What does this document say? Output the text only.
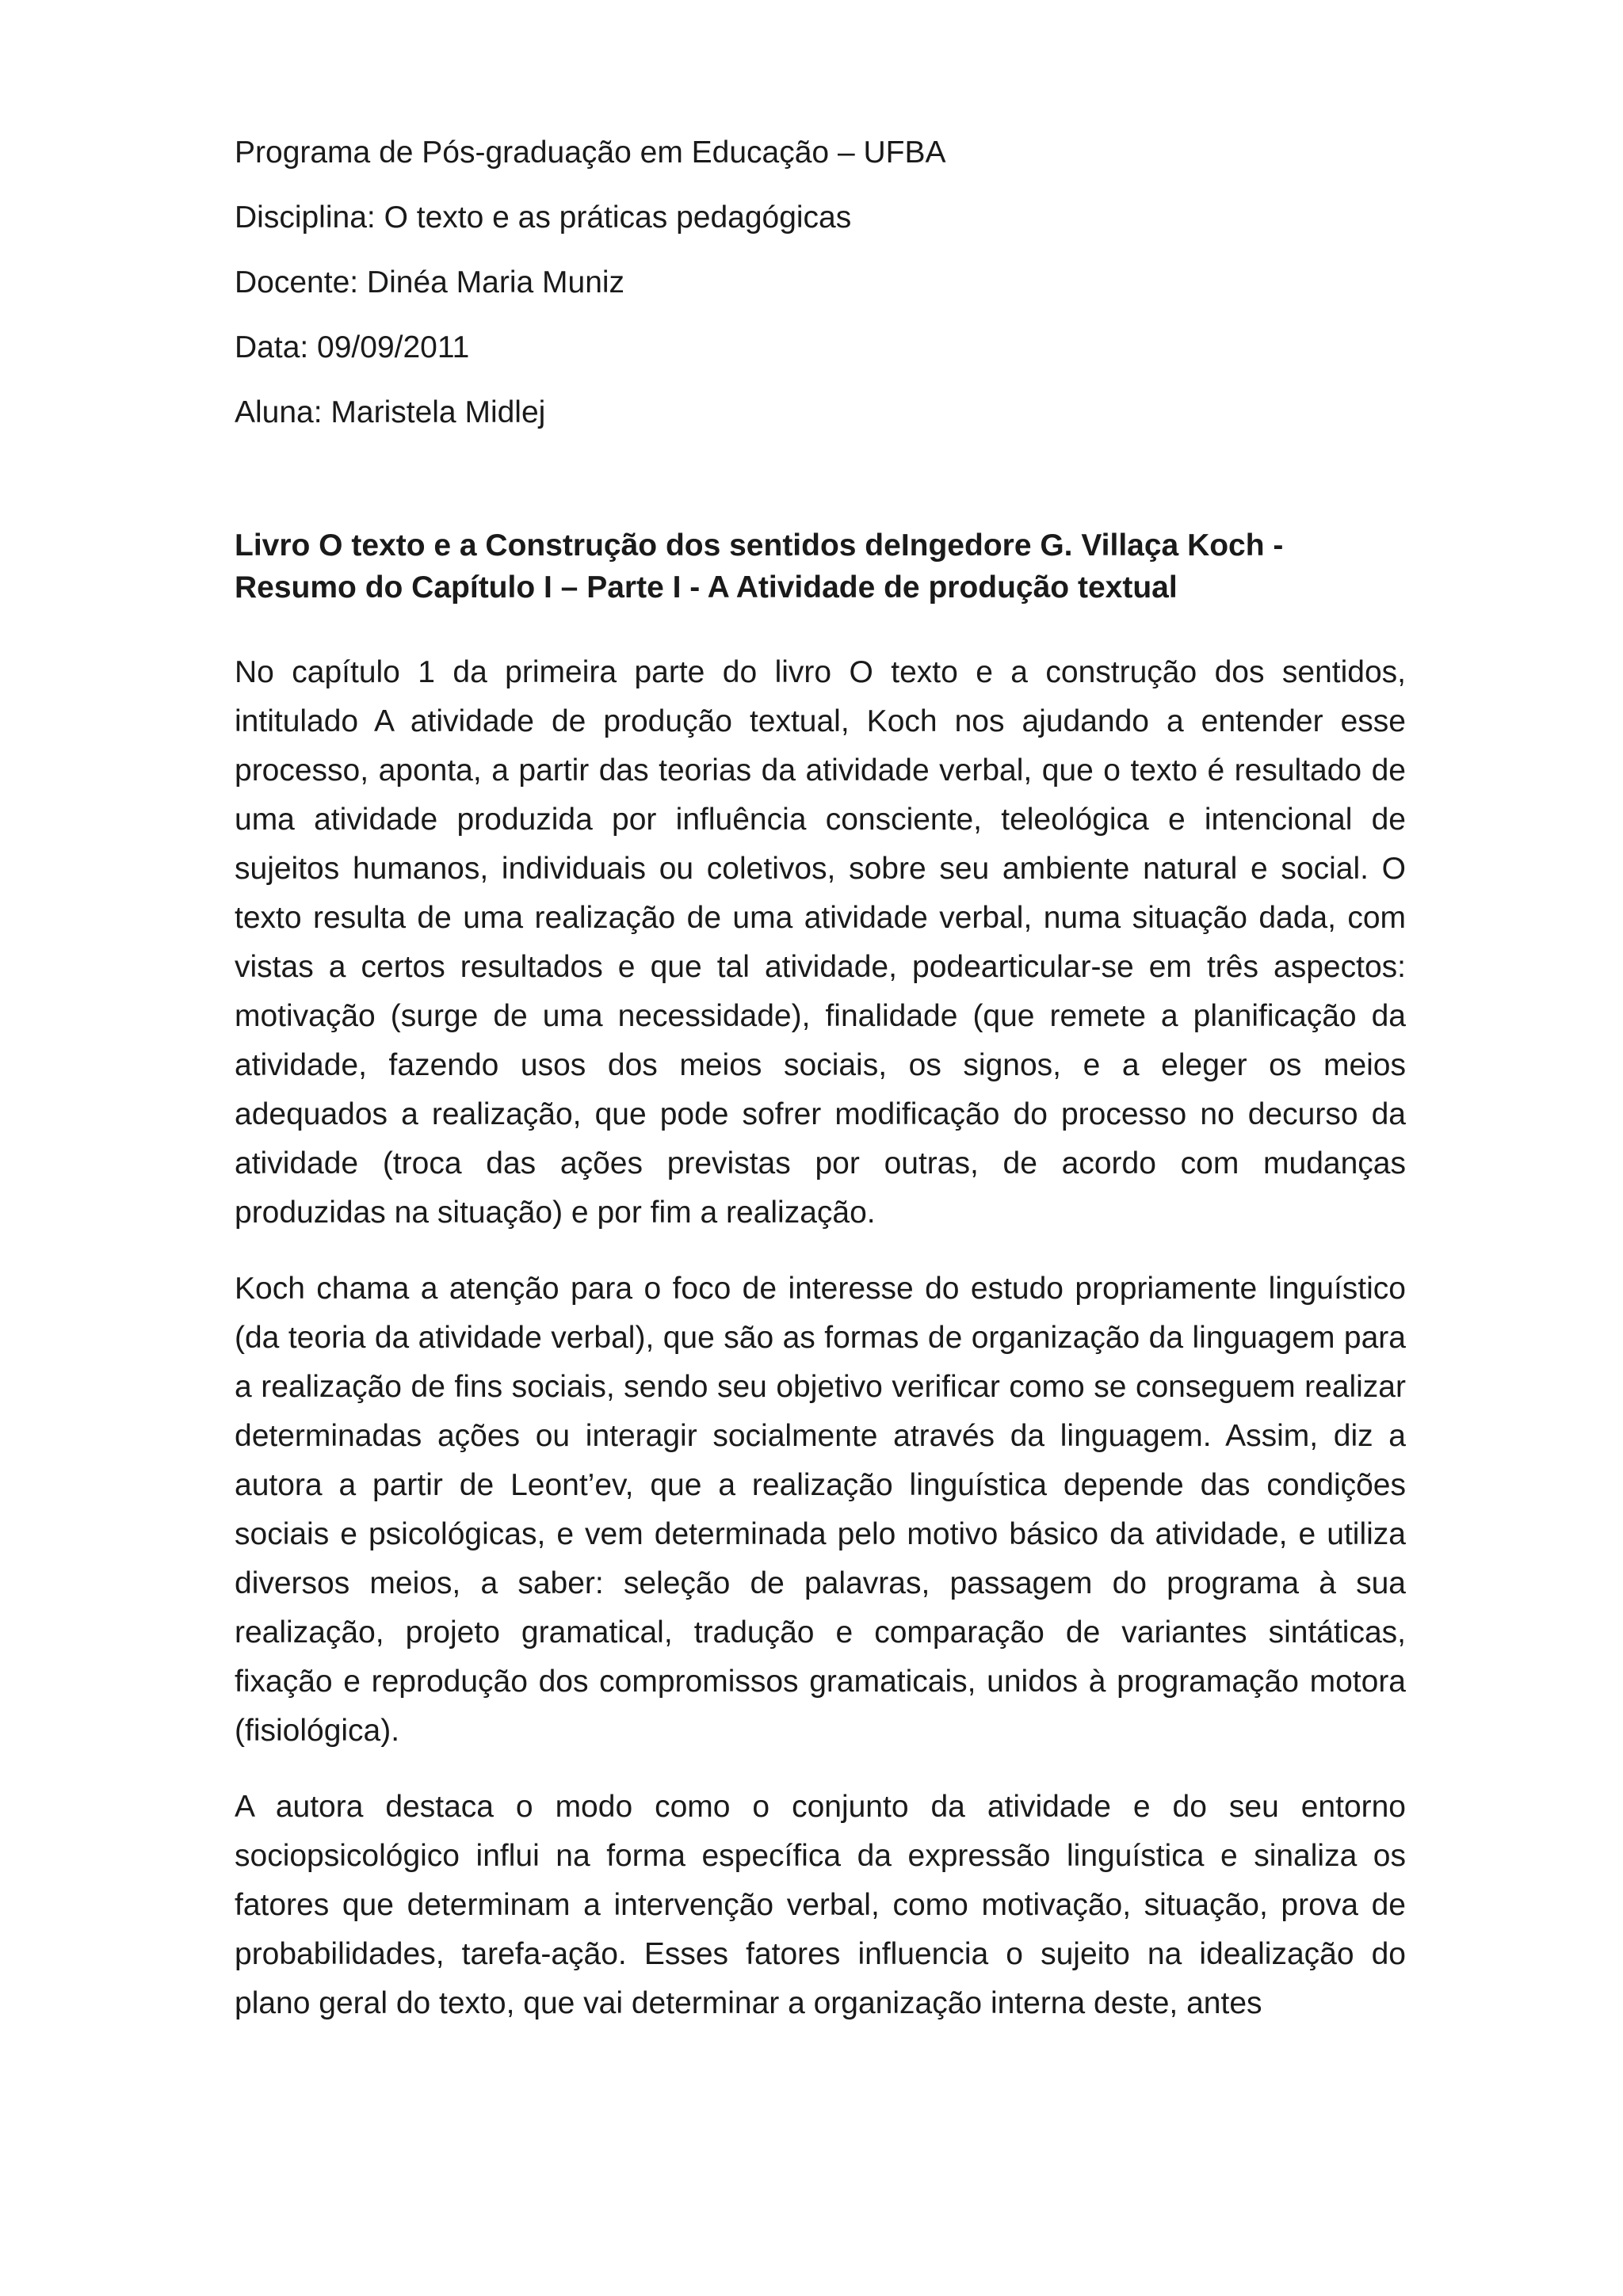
Programa de Pós-graduação em Educação – UFBA
Disciplina: O texto e as práticas pedagógicas
Docente: Dinéa Maria Muniz
Data: 09/09/2011
Aluna: Maristela Midlej
Livro O texto e a Construção dos sentidos deIngedore G. Villaça Koch -
Resumo do Capítulo I – Parte I - A Atividade de produção textual

No capítulo 1 da primeira parte do livro O texto e a construção dos sentidos, intitulado A atividade de produção textual, Koch nos ajudando a entender esse processo, aponta, a partir das teorias da atividade verbal, que o texto é resultado de uma atividade produzida por influência consciente, teleológica e intencional de sujeitos humanos, individuais ou coletivos, sobre seu ambiente natural e social. O texto resulta de uma realização de uma atividade verbal, numa situação dada, com vistas a certos resultados e que tal atividade, podearticular-se em três aspectos: motivação (surge de uma necessidade), finalidade (que remete a planificação da atividade, fazendo usos dos meios sociais, os signos, e a eleger os meios adequados a realização, que pode sofrer modificação do processo no decurso da atividade (troca das ações previstas por outras, de acordo com mudanças produzidas na situação) e por fim a realização.

Koch chama a atenção para o foco de interesse do estudo propriamente linguístico (da teoria da atividade verbal), que são as formas de organização da linguagem para a realização de fins sociais, sendo seu objetivo verificar como se conseguem realizar determinadas ações ou interagir socialmente através da linguagem. Assim, diz a autora a partir de Leont’ev, que a realização linguística depende das condições sociais e psicológicas, e vem determinada pelo motivo básico da atividade, e utiliza diversos meios, a saber: seleção de palavras, passagem do programa à sua realização, projeto gramatical, tradução e comparação de variantes sintáticas, fixação e reprodução dos compromissos gramaticais, unidos à programação motora (fisiológica).

A autora destaca o modo como o conjunto da atividade e do seu entorno sociopsicológico influi na forma específica da expressão linguística e sinaliza os fatores que determinam a intervenção verbal, como motivação, situação, prova de probabilidades, tarefa-ação. Esses fatores influencia o sujeito na idealização do plano geral do texto, que vai determinar a organização interna deste, antes
